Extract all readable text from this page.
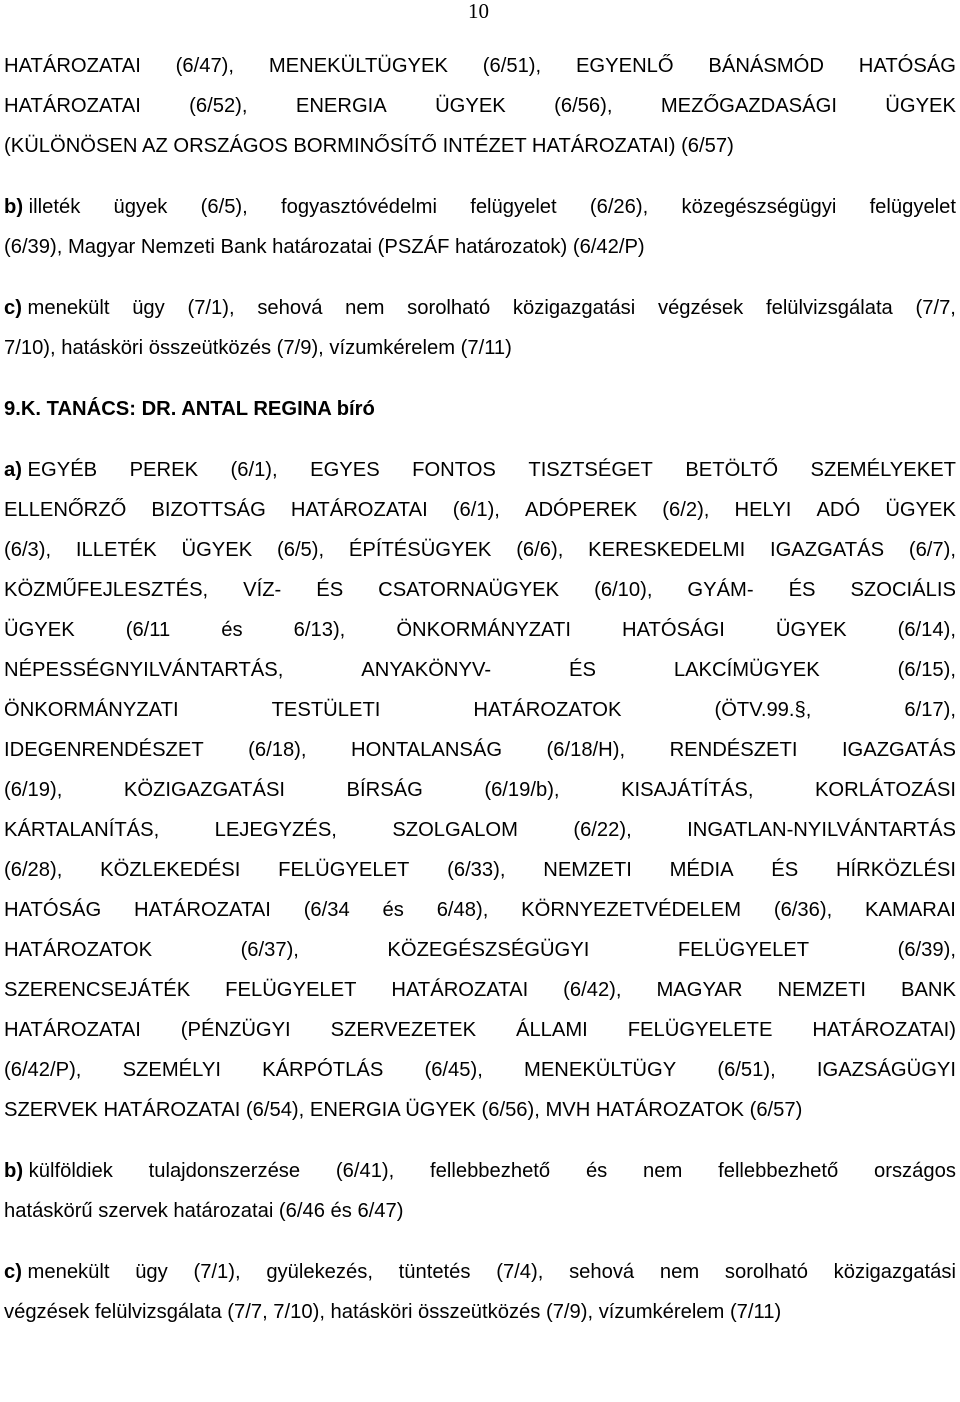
10
HATÁROZATAI (6/47), MENEKÜLTÜGYEK (6/51), EGYENLŐ BÁNÁSMÓD HATÓSÁG
HATÁROZATAI (6/52), ENERGIA ÜGYEK (6/56), MEZŐGAZDASÁGI ÜGYEK
(KÜLÖNÖSEN AZ ORSZÁGOS BORMINŐSÍTŐ INTÉZET HATÁROZATAI) (6/57)
b) illeték ügyek (6/5), fogyasztóvédelmi felügyelet (6/26), közegészségügyi felügyelet
(6/39), Magyar Nemzeti Bank határozatai (PSZÁF határozatok) (6/42/P)
c) menekült ügy (7/1), sehová nem sorolható közigazgatási végzések felülvizsgálata (7/7,
7/10), hatásköri összeütközés (7/9), vízumkérelem (7/11)
9.K. TANÁCS: DR. ANTAL REGINA bíró
a) EGYÉB PEREK (6/1), EGYES FONTOS TISZTSÉGET BETÖLTŐ SZEMÉLYEKET
ELLENŐRZŐ BIZOTTSÁG HATÁROZATAI (6/1), ADÓPEREK (6/2), HELYI ADÓ ÜGYEK
(6/3), ILLETÉK ÜGYEK (6/5), ÉPÍTÉSÜGYEK (6/6), KERESKEDELMI IGAZGATÁS (6/7),
KÖZMŰFEJLESZTÉS, VÍZ- ÉS CSATORNAÜGYEK (6/10), GYÁM- ÉS SZOCIÁLIS
ÜGYEK	(6/11	és	6/13),	ÖNKORMÁNYZATI	HATÓSÁGI	ÜGYEK	(6/14),
NÉPESSÉGNYILVÁNTARTÁS,	ANYAKÖNYV-	ÉS	LAKCÍMÜGYEK	(6/15),
ÖNKORMÁNYZATI	TESTÜLETI	HATÁROZATOK	(ÖTV.99.§,	6/17),
IDEGENRENDÉSZET (6/18), HONTALANSÁG (6/18/H), RENDÉSZETI IGAZGATÁS
(6/19),	KÖZIGAZGATÁSI	BÍRSÁG	(6/19/b),	KISAJÁTÍTÁS,	KORLÁTOZÁSI
KÁRTALANÍTÁS,	LEJEGYZÉS,	SZOLGALOM	(6/22),	INGATLAN-NYILVÁNTARTÁS
(6/28), KÖZLEKEDÉSI FELÜGYELET (6/33), NEMZETI MÉDIA ÉS HÍRKÖZLÉSI
HATÓSÁG HATÁROZATAI (6/34 és 6/48), KÖRNYEZETVÉDELEM (6/36), KAMARAI
HATÁROZATOK	(6/37),	KÖZEGÉSZSÉGÜGYI	FELÜGYELET	(6/39),
SZERENCSEJÁTÉK FELÜGYELET HATÁROZATAI (6/42), MAGYAR NEMZETI BANK
HATÁROZATAI (PÉNZÜGYI SZERVEZETEK ÁLLAMI FELÜGYELETE HATÁROZATAI)
(6/42/P), SZEMÉLYI KÁRPÓTLÁS (6/45), MENEKÜLTÜGY (6/51), IGAZSÁGÜGYI
SZERVEK HATÁROZATAI (6/54), ENERGIA ÜGYEK (6/56), MVH HATÁROZATOK (6/57)
b) külföldiek tulajdonszerzése (6/41), fellebbezhető és nem fellebbezhető országos
hatáskörű szervek határozatai (6/46 és 6/47)
c) menekült ügy (7/1), gyülekezés, tüntetés (7/4), sehová nem sorolható közigazgatási
végzések felülvizsgálata (7/7, 7/10), hatásköri összeütközés (7/9), vízumkérelem (7/11)
